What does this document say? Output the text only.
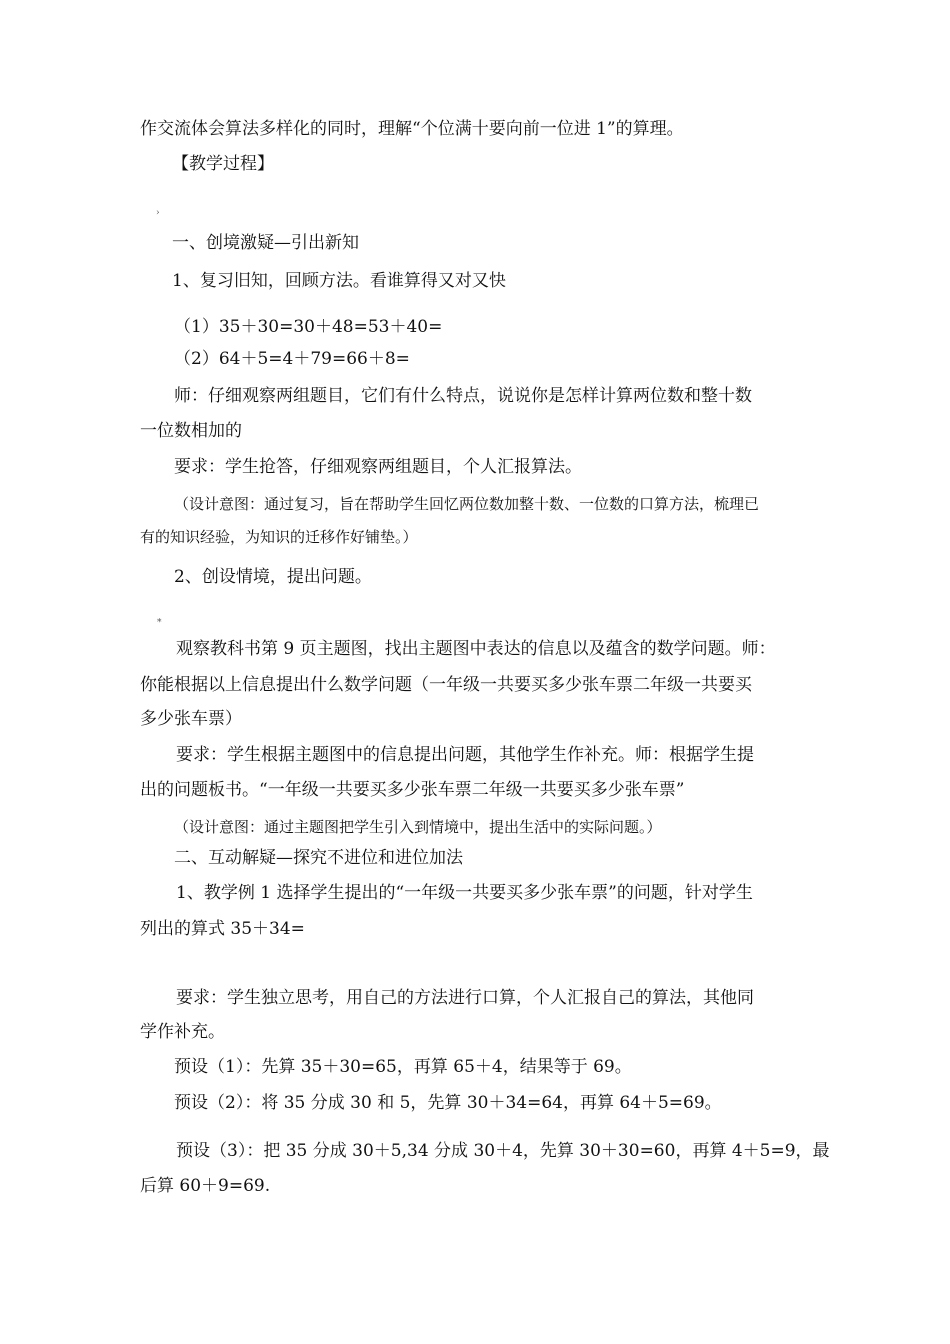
作交流体会算法多样化的同时，理解“个位满十要向前一位进 1”的算理。
【教学过程】
›
一、创境激疑—引出新知
1、复习旧知，回顾方法。看谁算得又对又快
（1）35＋30=30＋48=53＋40=
（2）64＋5=4＋79=66＋8=
师：仔细观察两组题目，它们有什么特点，说说你是怎样计算两位数和整十数
一位数相加的
要求：学生抢答，仔细观察两组题目，个人汇报算法。
（设计意图：通过复习，旨在帮助学生回忆两位数加整十数、一位数的口算方法，梳理已
有的知识经验，为知识的迁移作好铺垫。）
2、创设情境，提出问题。
*
观察教科书第 9 页主题图，找出主题图中表达的信息以及蕴含的数学问题。师：
你能根据以上信息提出什么数学问题（一年级一共要买多少张车票二年级一共要买
多少张车票）
要求：学生根据主题图中的信息提出问题，其他学生作补充。师：根据学生提
出的问题板书。“一年级一共要买多少张车票二年级一共要买多少张车票”
（设计意图：通过主题图把学生引入到情境中，提出生活中的实际问题。）
二、互动解疑—探究不进位和进位加法
1、教学例 1 选择学生提出的“一年级一共要买多少张车票”的问题，针对学生
列出的算式 35＋34=
要求：学生独立思考，用自己的方法进行口算，个人汇报自己的算法，其他同
学作补充。
预设（1）：先算 35＋30=65，再算 65＋4，结果等于 69。
预设（2）：将 35 分成 30 和 5，先算 30＋34=64，再算 64＋5=69。
预设（3）：把 35 分成 30＋5,34 分成 30＋4，先算 30＋30=60，再算 4＋5=9，最
后算 60＋9=69.
